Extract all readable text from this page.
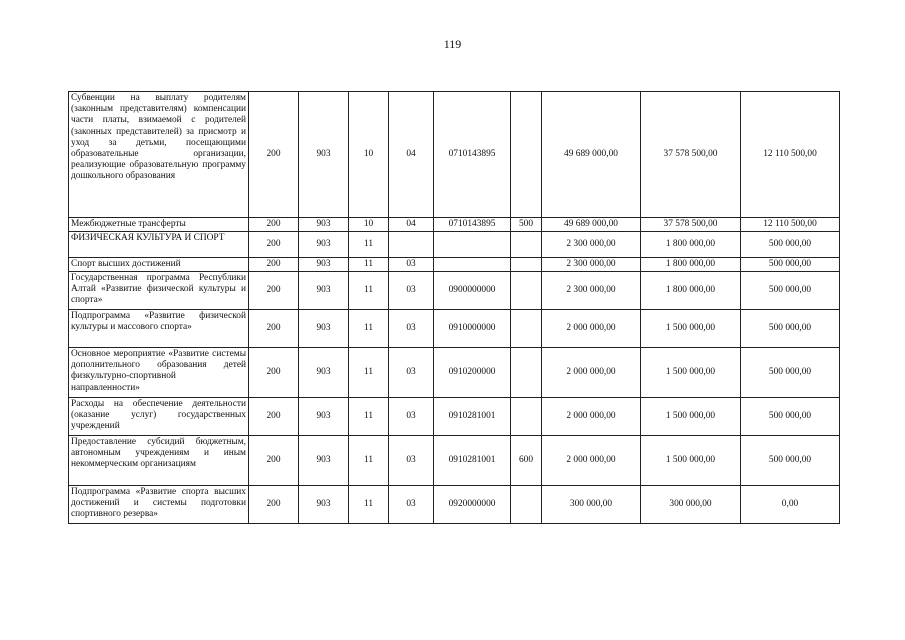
119
Субвенции на выплату родителям (законным представителям) компенсации части платы, взимаемой с родителей (законных представителей) за присмотр и уход за детьми, посещающими образовательные организации, реализующие образовательную программу дошкольного образования	200	903	10	04	0710143895		49 689 000,00	37 578 500,00	12 110 500,00
Межбюджетные трансферты	200	903	10	04	0710143895	500	49 689 000,00	37 578 500,00	12 110 500,00
ФИЗИЧЕСКАЯ КУЛЬТУРА И СПОРТ	200	903	11				2 300 000,00	1 800 000,00	500 000,00
Спорт высших достижений	200	903	11	03			2 300 000,00	1 800 000,00	500 000,00
Государственная программа Республики Алтай «Развитие физической культуры и спорта»	200	903	11	03	0900000000		2 300 000,00	1 800 000,00	500 000,00
Подпрограмма «Развитие физической культуры и массового спорта»	200	903	11	03	0910000000		2 000 000,00	1 500 000,00	500 000,00
Основное мероприятие «Развитие системы дополнительного образования детей физкультурно-спортивной направленности»	200	903	11	03	0910200000		2 000 000,00	1 500 000,00	500 000,00
Расходы на обеспечение деятельности (оказание услуг) государственных учреждений	200	903	11	03	0910281001		2 000 000,00	1 500 000,00	500 000,00
Предоставление субсидий бюджетным, автономным учреждениям и иным некоммерческим организациям	200	903	11	03	0910281001	600	2 000 000,00	1 500 000,00	500 000,00
Подпрограмма «Развитие спорта высших достижений и системы подготовки спортивного резерва»	200	903	11	03	0920000000		300 000,00	300 000,00	0,00
